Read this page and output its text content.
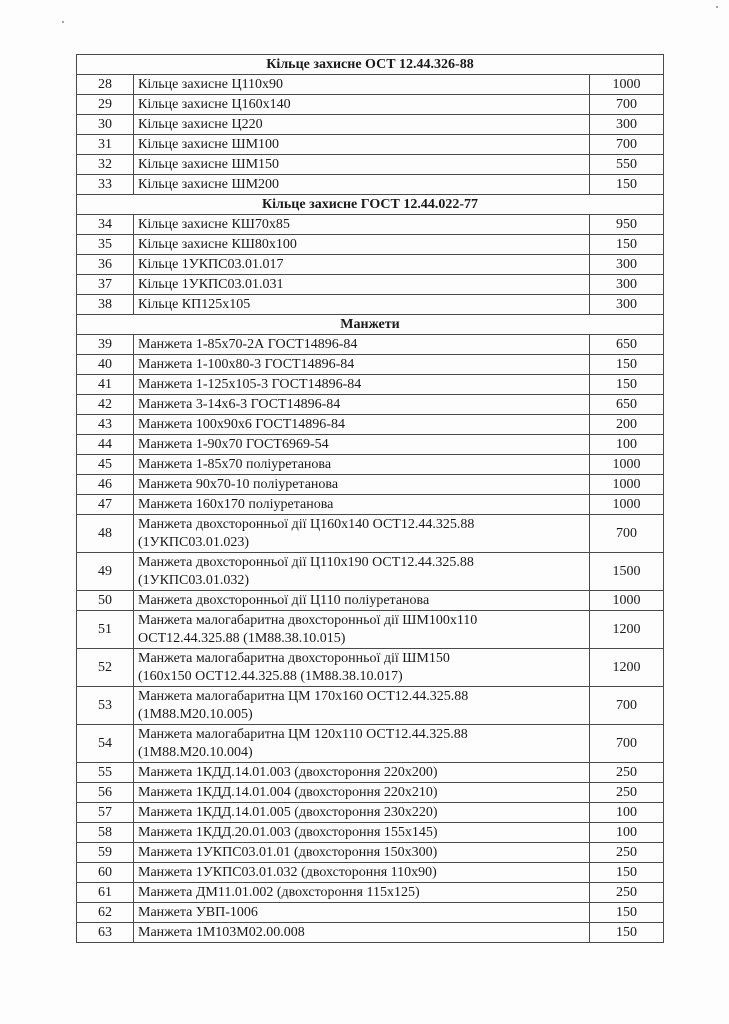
Кільце захисне ОСТ 12.44.326-88		
28	Кільце захисне Ц110х90	1000
29	Кільце захисне Ц160х140	700
30	Кільце захисне Ц220	300
31	Кільце захисне ШМ100	700
32	Кільце захисне ШМ150	550
33	Кільце захисне ШМ200	150
Кільце захисне ГОСТ 12.44.022-77		
34	Кільце захисне КШ70х85	950
35	Кільце захисне КШ80х100	150
36	Кільце 1УКПС03.01.017	300
37	Кільце 1УКПС03.01.031	300
38	Кільце КП125х105	300
Манжети		
39	Манжета 1-85х70-2А ГОСТ14896-84	650
40	Манжета 1-100х80-3 ГОСТ14896-84	150
41	Манжета 1-125х105-3 ГОСТ14896-84	150
42	Манжета 3-14х6-3 ГОСТ14896-84	650
43	Манжета 100х90х6 ГОСТ14896-84	200
44	Манжета 1-90х70 ГОСТ6969-54	100
45	Манжета 1-85х70 поліуретанова	1000
46	Манжета 90х70-10 поліуретанова	1000
47	Манжета 160х170 поліуретанова	1000
48	Манжета двохсторонньої дії Ц160х140 ОСТ12.44.325.88
(1УКПС03.01.023)	700
49	Манжета двохсторонньої дії Ц110х190 ОСТ12.44.325.88
(1УКПС03.01.032)	1500
50	Манжета двохсторонньої дії Ц110 поліуретанова	1000
51	Манжета малогабаритна двохсторонньої дії ШМ100х110
ОСТ12.44.325.88 (1М88.38.10.015)	1200
52	Манжета малогабаритна двохсторонньої дії ШМ150
(160х150 ОСТ12.44.325.88 (1М88.38.10.017)	1200
53	Манжета малогабаритна ЦМ 170х160 ОСТ12.44.325.88
(1М88.М20.10.005)	700
54	Манжета малогабаритна ЦМ 120х110 ОСТ12.44.325.88
(1М88.М20.10.004)	700
55	Манжета 1КДД.14.01.003 (двохстороння 220х200)	250
56	Манжета 1КДД.14.01.004 (двохстороння 220х210)	250
57	Манжета 1КДД.14.01.005 (двохстороння 230х220)	100
58	Манжета 1КДД.20.01.003 (двохстороння 155х145)	100
59	Манжета 1УКПС03.01.01 (двохстороння 150х300)	250
60	Манжета 1УКПС03.01.032 (двохстороння 110х90)	150
61	Манжета ДМ11.01.002 (двохстороння 115х125)	250
62	Манжета УВП-1006	150
63	Манжета 1М103М02.00.008	150
